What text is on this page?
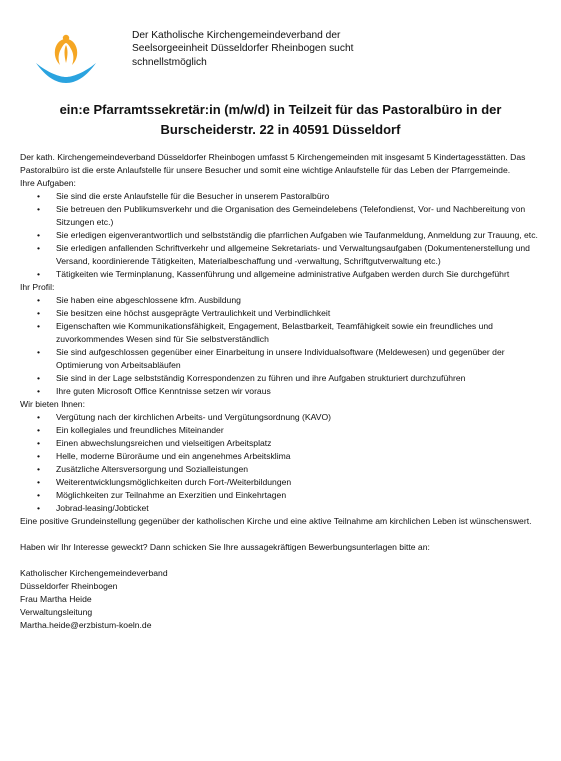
Der Katholische Kirchengemeindeverband der
Seelsorgeeinheit Düsseldorfer Rheinbogen sucht
schnellstmöglich
ein:e Pfarramtssekretär:in (m/w/d) in Teilzeit für das Pastoralbüro in der
Burscheiderstr. 22 in 40591 Düsseldorf

Der kath. Kirchengemeindeverband Düsseldorfer Rheinbogen umfasst 5 Kirchengemeinden mit insgesamt 5 Kindertagesstätten. Das Pastoralbüro ist die erste Anlaufstelle für unsere Besucher und somit eine wichtige Anlaufstelle für das Leben der Pfarrgemeinde.

Ihre Aufgaben:

• Sie sind die erste Anlaufstelle für die Besucher in unserem Pastoralbüro
• Sie betreuen den Publikumsverkehr und die Organisation des Gemeindelebens (Telefondienst, Vor- und Nachbereitung von Sitzungen etc.)
• Sie erledigen eigenverantwortlich und selbstständig die pfarrlichen Aufgaben wie Taufanmeldung, Anmeldung zur Trauung, etc.
• Sie erledigen anfallenden Schriftverkehr und allgemeine Sekretariats- und Verwaltungsaufgaben (Dokumentenerstellung und Versand, koordinierende Tätigkeiten, Materialbeschaffung und -verwaltung, Schriftgutverwaltung etc.)
• Tätigkeiten wie Terminplanung, Kassenführung und allgemeine administrative Aufgaben werden durch Sie durchgeführt

Ihr Profil:

• Sie haben eine abgeschlossene kfm. Ausbildung
• Sie besitzen eine höchst ausgeprägte Vertraulichkeit und Verbindlichkeit
• Eigenschaften wie Kommunikationsfähigkeit, Engagement, Belastbarkeit, Teamfähigkeit sowie ein freundliches und zuvorkommendes Wesen sind für Sie selbstverständlich
• Sie sind aufgeschlossen gegenüber einer Einarbeitung in unsere Individualsoftware (Meldewesen) und gegenüber der Optimierung von Arbeitsabläufen
• Sie sind in der Lage selbstständig Korrespondenzen zu führen und ihre Aufgaben strukturiert durchzuführen
• Ihre guten Microsoft Office Kenntnisse setzen wir voraus

Wir bieten Ihnen:

• Vergütung nach der kirchlichen Arbeits- und Vergütungsordnung (KAVO)
• Ein kollegiales und freundliches Miteinander
• Einen abwechslungsreichen und vielseitigen Arbeitsplatz
• Helle, moderne Büroräume und ein angenehmes Arbeitsklima
• Zusätzliche Altersversorgung und Sozialleistungen
• Weiterentwicklungsmöglichkeiten durch Fort-/Weiterbildungen
• Möglichkeiten zur Teilnahme an Exerzitien und Einkehrtagen
• Jobrad-leasing/Jobticket

Eine positive Grundeinstellung gegenüber der katholischen Kirche und eine aktive Teilnahme am kirchlichen Leben ist wünschenswert.

Haben wir Ihr Interesse geweckt? Dann schicken Sie Ihre aussagekräftigen Bewerbungsunterlagen bitte an:

Katholischer Kirchengemeindeverband
Düsseldorfer Rheinbogen
Frau Martha Heide
Verwaltungsleitung
Martha.heide@erzbistum-koeln.de
